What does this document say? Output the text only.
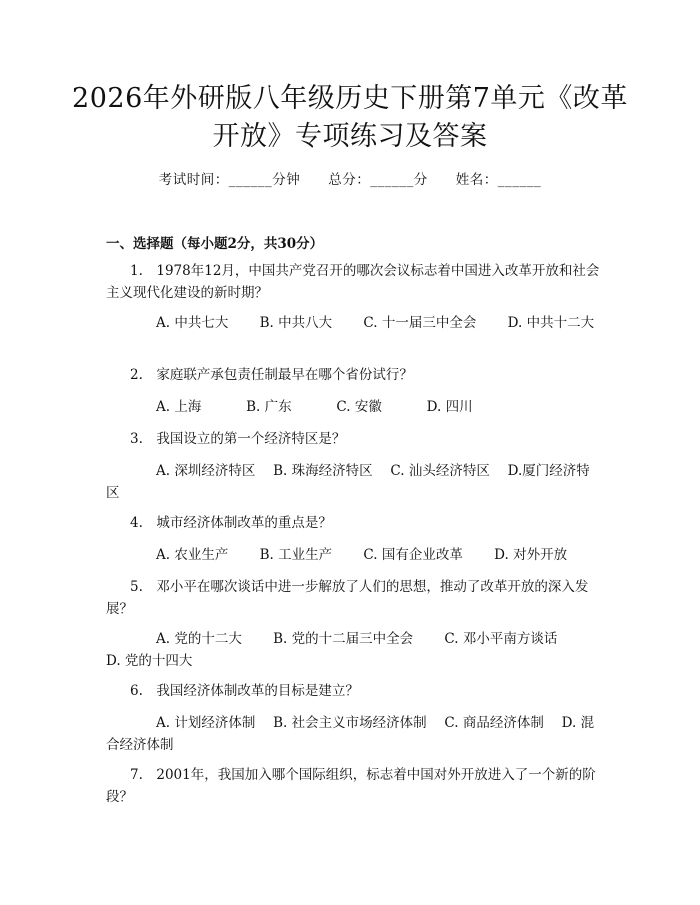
2026年外研版八年级历史下册第7单元《改革开放》专项练习及答案
考试时间：______分钟　　总分：______分　　姓名：______
一、选择题（每小题2分，共30分）
1.　1978年12月，中国共产党召开的哪次会议标志着中国进入改革开放和社会主义现代化建设的新时期？
A. 中共七大　　 B. 中共八大　　 C. 十一届三中全会　　 D. 中共十二大
2.　家庭联产承包责任制最早在哪个省份试行？
A. 上海　　　 B. 广东　　　 C. 安徽　　　 D. 四川
3.　我国设立的第一个经济特区是？
A. 深圳经济特区　 B. 珠海经济特区　 C. 汕头经济特区　 D.厦门经济特区
4.　城市经济体制改革的重点是？
A. 农业生产　　 B. 工业生产　　 C. 国有企业改革　　 D. 对外开放
5.　邓小平在哪次谈话中进一步解放了人们的思想，推动了改革开放的深入发展？
A. 党的十二大　　 B. 党的十二届三中全会　　 C. 邓小平南方谈话　　 D. 党的十四大
6.　我国经济体制改革的目标是建立？
A. 计划经济体制　 B. 社会主义市场经济体制　 C. 商品经济体制　 D. 混合经济体制
7.　2001年，我国加入哪个国际组织，标志着中国对外开放进入了一个新的阶段？
